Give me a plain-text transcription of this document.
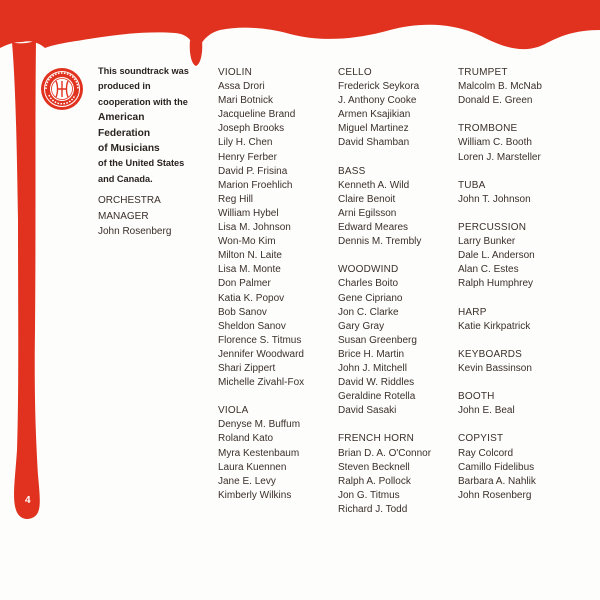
This soundtrack was
produced in
cooperation with the
American
Federation
of Musicians
of the United States
and Canada.
ORCHESTRA
MANAGER
John Rosenberg
VIOLIN
Assa Drori
Mari Botnick
Jacqueline Brand
Joseph Brooks
Lily H. Chen
Henry Ferber
David P. Frisina
Marion Froehlich
Reg Hill
William Hybel
Lisa M. Johnson
Won-Mo Kim
Milton N. Laite
Lisa M. Monte
Don Palmer
Katia K. Popov
Bob Sanov
Sheldon Sanov
Florence S. Titmus
Jennifer Woodward
Shari Zippert
Michelle Zivahl-Fox
VIOLA
Denyse M. Buffum
Roland Kato
Myra Kestenbaum
Laura Kuennen
Jane E. Levy
Kimberly Wilkins
CELLO
Frederick Seykora
J. Anthony Cooke
Armen Ksajikian
Miguel Martinez
David Shamban
BASS
Kenneth A. Wild
Claire Benoit
Arni Egilsson
Edward Meares
Dennis M. Trembly
WOODWIND
Charles Boito
Gene Cipriano
Jon C. Clarke
Gary Gray
Susan Greenberg
Brice H. Martin
John J. Mitchell
David W. Riddles
Geraldine Rotella
David Sasaki
FRENCH HORN
Brian D. A. O'Connor
Steven Becknell
Ralph A. Pollock
Jon G. Titmus
Richard J. Todd
TRUMPET
Malcolm B. McNab
Donald E. Green
TROMBONE
William C. Booth
Loren J. Marsteller
TUBA
John T. Johnson
PERCUSSION
Larry Bunker
Dale L. Anderson
Alan C. Estes
Ralph Humphrey
HARP
Katie Kirkpatrick
KEYBOARDS
Kevin Bassinson
BOOTH
John E. Beal
COPYIST
Ray Colcord
Camillo Fidelibus
Barbara A. Nahlik
John Rosenberg
4
